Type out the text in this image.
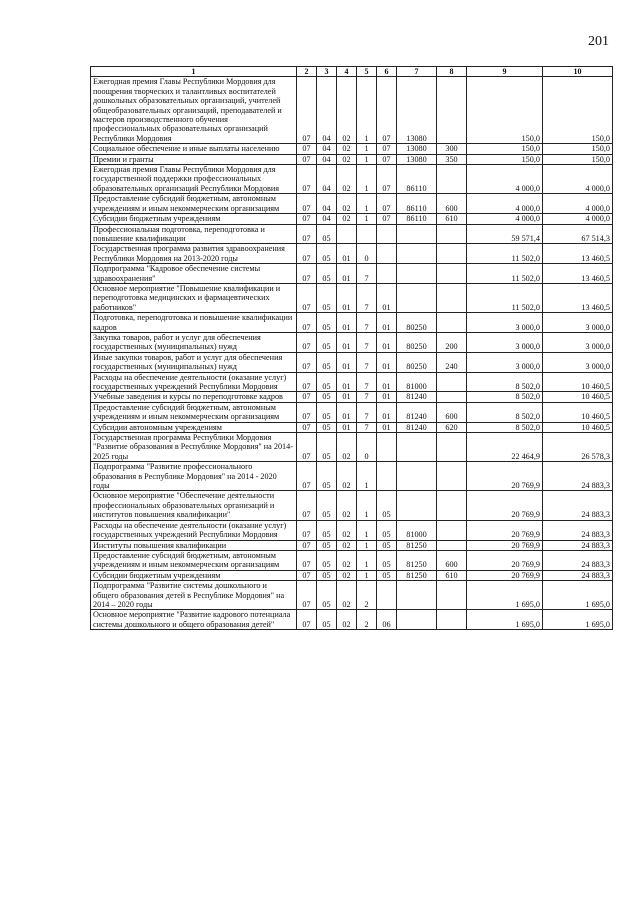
201
1	2	3	4	5	6	7	8	9	10
Ежегодная премия Главы Республики Мордовия для поощрения творческих и талантливых воспитателей дошкольных образовательных организаций, учителей общеобразовательных организаций, преподавателей и мастеров производственного обучения профессиональных образовательных организаций Республики Мордовия	07	04	02	1	07	13080		150,0	150,0
Социальное обеспечение и иные выплаты населению	07	04	02	1	07	13080	300	150,0	150,0
Премии и гранты	07	04	02	1	07	13080	350	150,0	150,0
Ежегодная премия Главы Республики Мордовия для государственной поддержки профессиональных образовательных организаций Республики Мордовия	07	04	02	1	07	86110		4 000,0	4 000,0
Предоставление субсидий бюджетным, автономным учреждениям и иным некоммерческим организациям	07	04	02	1	07	86110	600	4 000,0	4 000,0
Субсидии бюджетным учреждениям	07	04	02	1	07	86110	610	4 000,0	4 000,0
Профессиональная подготовка, переподготовка и повышение квалификации	07	05						59 571,4	67 514,3
Государственная программа развития здравоохранения Республики Мордовия на 2013-2020 годы	07	05	01	0				11 502,0	13 460,5
Подпрограмма "Кадровое обеспечение системы здравоохранения"	07	05	01	7				11 502,0	13 460,5
Основное мероприятие "Повышение квалификации и переподготовка медицинских и фармацевтических работников"	07	05	01	7	01			11 502,0	13 460,5
Подготовка, переподготовка и повышение квалификации кадров	07	05	01	7	01	80250		3 000,0	3 000,0
Закупка товаров, работ и услуг для обеспечения государственных (муниципальных) нужд	07	05	01	7	01	80250	200	3 000,0	3 000,0
Иные закупки товаров, работ и услуг для обеспечения государственных (муниципальных) нужд	07	05	01	7	01	80250	240	3 000,0	3 000,0
Расходы на обеспечение деятельности (оказание услуг) государственных учреждений Республики Мордовия	07	05	01	7	01	81000		8 502,0	10 460,5
Учебные заведения и курсы по переподготовке кадров	07	05	01	7	01	81240		8 502,0	10 460,5
Предоставление субсидий бюджетным, автономным учреждениям и иным некоммерческим организациям	07	05	01	7	01	81240	600	8 502,0	10 460,5
Субсидии автономным учреждениям	07	05	01	7	01	81240	620	8 502,0	10 460,5
Государственная программа Республики Мордовия "Развитие образования в Республике Мордовия" на 2014-2025 годы	07	05	02	0				22 464,9	26 578,3
Подпрограмма "Развитие профессионального образования в Республике Мордовия" на 2014 - 2020 годы	07	05	02	1				20 769,9	24 883,3
Основное мероприятие "Обеспечение деятельности профессиональных образовательных организаций и институтов повышения квалификации"	07	05	02	1	05			20 769,9	24 883,3
Расходы на обеспечение деятельности (оказание услуг) государственных учреждений Республики Мордовия	07	05	02	1	05	81000		20 769,9	24 883,3
Институты повышения квалификации	07	05	02	1	05	81250		20 769,9	24 883,3
Предоставление субсидий бюджетным, автономным учреждениям и иным некоммерческим организациям	07	05	02	1	05	81250	600	20 769,9	24 883,3
Субсидии бюджетным учреждениям	07	05	02	1	05	81250	610	20 769,9	24 883,3
Подпрограмма "Развитие системы дошкольного и общего образования детей в Республике Мордовия" на 2014 – 2020 годы	07	05	02	2				1 695,0	1 695,0
Основное мероприятие "Развитие кадрового потенциала системы дошкольного и общего образования детей"	07	05	02	2	06			1 695,0	1 695,0
